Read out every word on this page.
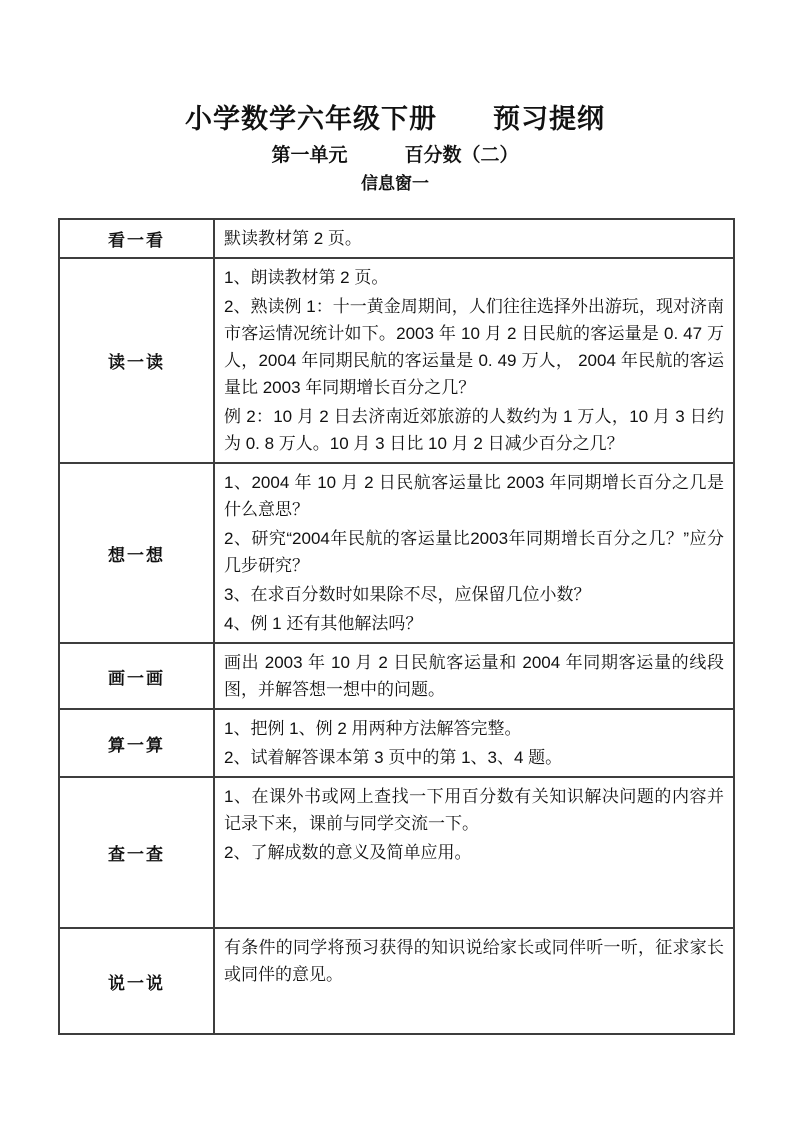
小学数学六年级下册　　预习提纲
第一单元　　　百分数（二）
信息窗一
看一看	默读教材第 2 页。

读一读	1、朗读教材第 2 页。

2、熟读例 1：十一黄金周期间，人们往往选择外出游玩，现对济南市客运情况统计如下。2003 年 10 月 2 日民航的客运量是 0. 47 万人，2004 年同期民航的客运量是 0. 49 万人， 2004 年民航的客运量比 2003 年同期增长百分之几？

例 2：10 月 2 日去济南近郊旅游的人数约为 1 万人，10 月 3 日约为 0. 8 万人。10 月 3 日比 10 月 2 日减少百分之几？

想一想	1、2004 年 10 月 2 日民航客运量比 2003 年同期增长百分之几是什么意思？

2、研究“2004年民航的客运量比2003年同期增长百分之几？”应分几步研究？

3、在求百分数时如果除不尽，应保留几位小数？

4、例 1 还有其他解法吗？

画一画	画出 2003 年 10 月 2 日民航客运量和 2004 年同期客运量的线段图，并解答想一想中的问题。

算一算	1、把例 1、例 2 用两种方法解答完整。

2、试着解答课本第 3 页中的第 1、3、4 题。

查一查	1、在课外书或网上查找一下用百分数有关知识解决问题的内容并记录下来，课前与同学交流一下。

2、了解成数的意义及简单应用。

说一说	有条件的同学将预习获得的知识说给家长或同伴听一听，征求家长或同伴的意见。
